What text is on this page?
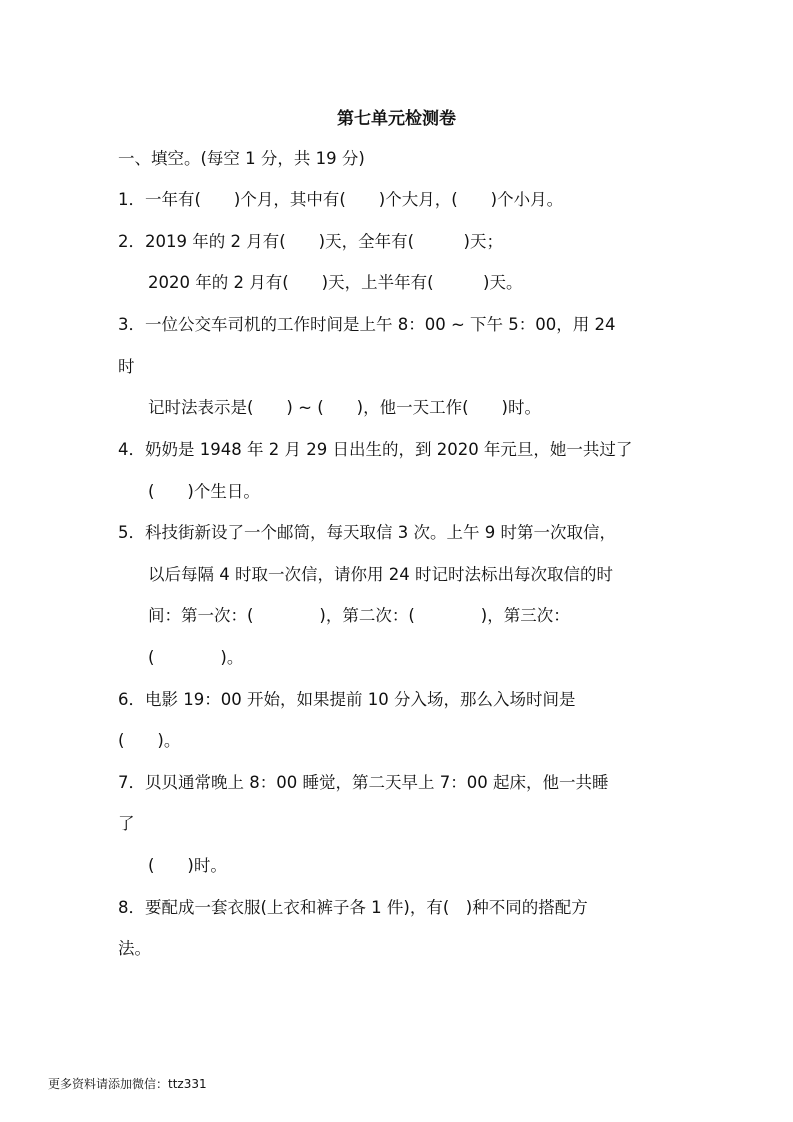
第七单元检测卷
一、填空。(每空 1 分，共 19 分)
1．一年有(　　)个月，其中有(　　)个大月，(　　)个小月。
2．2019 年的 2 月有(　　)天，全年有(　　　)天；
2020 年的 2 月有(　　)天，上半年有(　　　)天。
3．一位公交车司机的工作时间是上午 8：00 ~ 下午 5：00，用 24
时
记时法表示是(　　) ~ (　　)，他一天工作(　　)时。
4．奶奶是 1948 年 2 月 29 日出生的，到 2020 年元旦，她一共过了
(　　)个生日。
5．科技街新设了一个邮筒，每天取信 3 次。上午 9 时第一次取信，
以后每隔 4 时取一次信，请你用 24 时记时法标出每次取信的时
间：第一次：(　　　　)，第二次：(　　　　)，第三次：
(　　　　)。
6．电影 19：00 开始，如果提前 10 分入场，那么入场时间是
(　　)。
7．贝贝通常晚上 8：00 睡觉，第二天早上 7：00 起床，他一共睡
了
(　　)时。
8．要配成一套衣服(上衣和裤子各 1 件)，有(　)种不同的搭配方
法。
更多资料请添加微信：ttz331
